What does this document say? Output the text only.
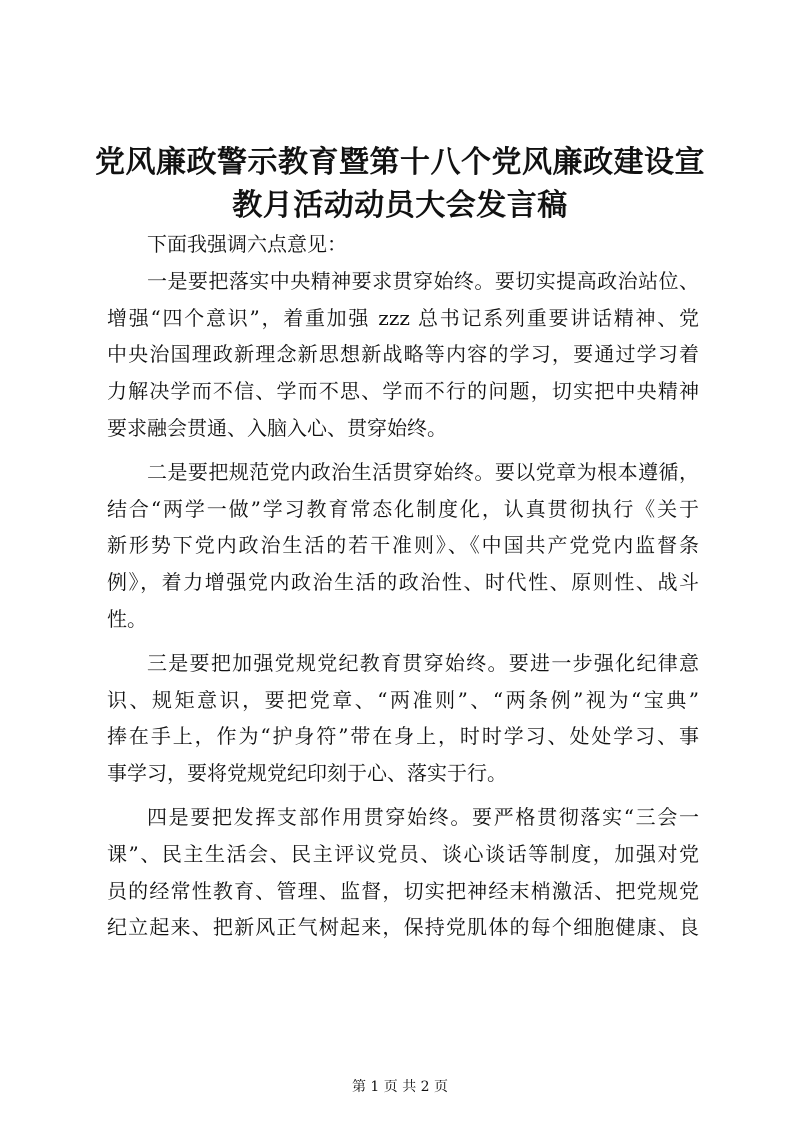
党风廉政警示教育暨第十八个党风廉政建设宣
教月活动动员大会发言稿
下面我强调六点意见：
一是要把落实中央精神要求贯穿始终。要切实提高政治站位、
增强“四个意识”，着重加强 zzz 总书记系列重要讲话精神、党
中央治国理政新理念新思想新战略等内容的学习，要通过学习着
力解决学而不信、学而不思、学而不行的问题，切实把中央精神
要求融会贯通、入脑入心、贯穿始终。
二是要把规范党内政治生活贯穿始终。要以党章为根本遵循，
结合“两学一做”学习教育常态化制度化，认真贯彻执行《关于
新形势下党内政治生活的若干准则》、《中国共产党党内监督条
例》，着力增强党内政治生活的政治性、时代性、原则性、战斗
性。
三是要把加强党规党纪教育贯穿始终。要进一步强化纪律意
识、规矩意识，要把党章、“两准则”、“两条例”视为“宝典”
捧在手上，作为“护身符”带在身上，时时学习、处处学习、事
事学习，要将党规党纪印刻于心、落实于行。
四是要把发挥支部作用贯穿始终。要严格贯彻落实“三会一
课”、民主生活会、民主评议党员、谈心谈话等制度，加强对党
员的经常性教育、管理、监督，切实把神经末梢激活、把党规党
纪立起来、把新风正气树起来，保持党肌体的每个细胞健康、良
第 1 页 共 2 页
